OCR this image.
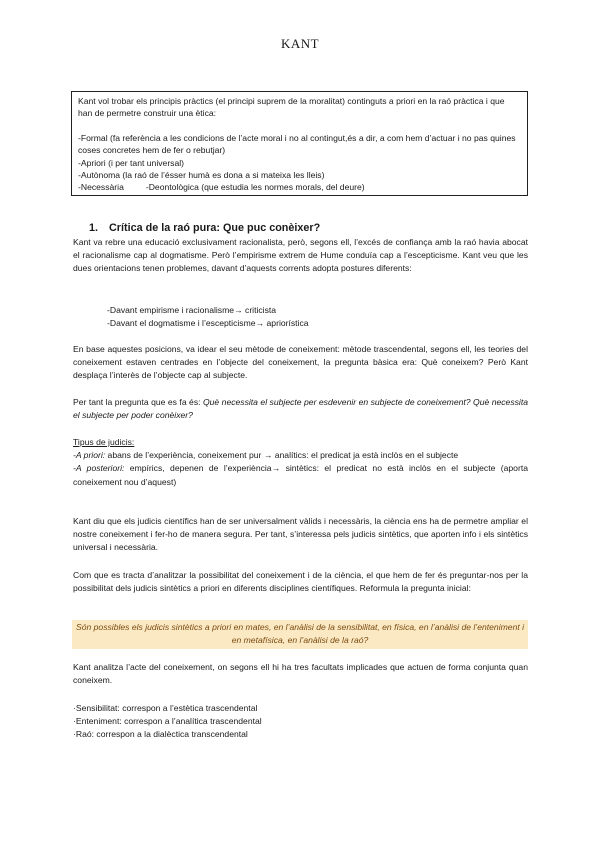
KANT

Kant vol trobar els principis pràctics (el principi suprem de la moralitat) continguts a priori en la raó pràctica i que han de permetre construir una ètica:

-Formal (fa referència a les condicions de l’acte moral i no al contingut,és a dir, a com hem d’actuar i no pas quines coses concretes hem de fer o rebutjar)

-Apriori (i per tant universal)

-Autònoma (la raó de l’ésser humà es dona a si mateixa les lleis)

-Necessària	-Deontològica (que estudia les normes morals, del deure)

1. Crítica de la raó pura: Que puc conèixer?

Kant va rebre una educació exclusivament racionalista, però, segons ell, l’excés de confiança amb la raó havia abocat el racionalisme cap al dogmatisme. Però l’empirisme extrem de Hume conduïa cap a l’escepticisme. Kant veu que les dues orientacions tenen problemes, davant d’aquests corrents adopta postures diferents:

-Davant empirisme i racionalisme→ criticista

-Davant el dogmatisme i l’escepticisme→ apriorística

En base aquestes posicions, va idear el seu mètode de coneixement: mètode trascendental, segons ell, les teories del coneixement estaven centrades en l’objecte del coneixement, la pregunta bàsica era: Què coneixem? Però Kant desplaça l’interès de l’objecte cap al subjecte.

Per tant la pregunta que es fa és: Què necessita el subjecte per esdevenir en subjecte de coneixement? Què necessita el subjecte per poder conèixer?

Tipus de judicis:

-A priori: abans de l’experiència, coneixement pur → analítics: el predicat ja està inclòs en el subjecte

-A posteriori: empírics, depenen de l’experiència→ sintètics: el predicat no està inclòs en el subjecte (aporta coneixement nou d’aquest)

Kant diu que els judicis científics han de ser universalment vàlids i necessàris, la ciència ens ha de permetre ampliar el nostre coneixement i fer-ho de manera segura. Per tant, s’interessa pels judicis sintètics, que aporten info i els sintètics universal i necessària.

Com que es tracta d’analitzar la possibilitat del coneixement i de la ciència, el que hem de fer és preguntar-nos per la possibilitat dels judicis sintètics a priori en diferents disciplines científiques. Reformula la pregunta inicial:

Són possibles els judicis sintètics a priori en mates, en l’anàlisi de la sensibilitat, en física, en l’anàlisi de l’enteniment i en metafísica, en l’anàlisi de la raó?

Kant analitza l’acte del coneixement, on segons ell hi ha tres facultats implicades que actuen de forma conjunta quan coneixem.

·Sensibilitat: correspon a l’estètica trascendental

·Enteniment: correspon a l’analítica trascendental

·Raó: correspon a la dialèctica transcendental
